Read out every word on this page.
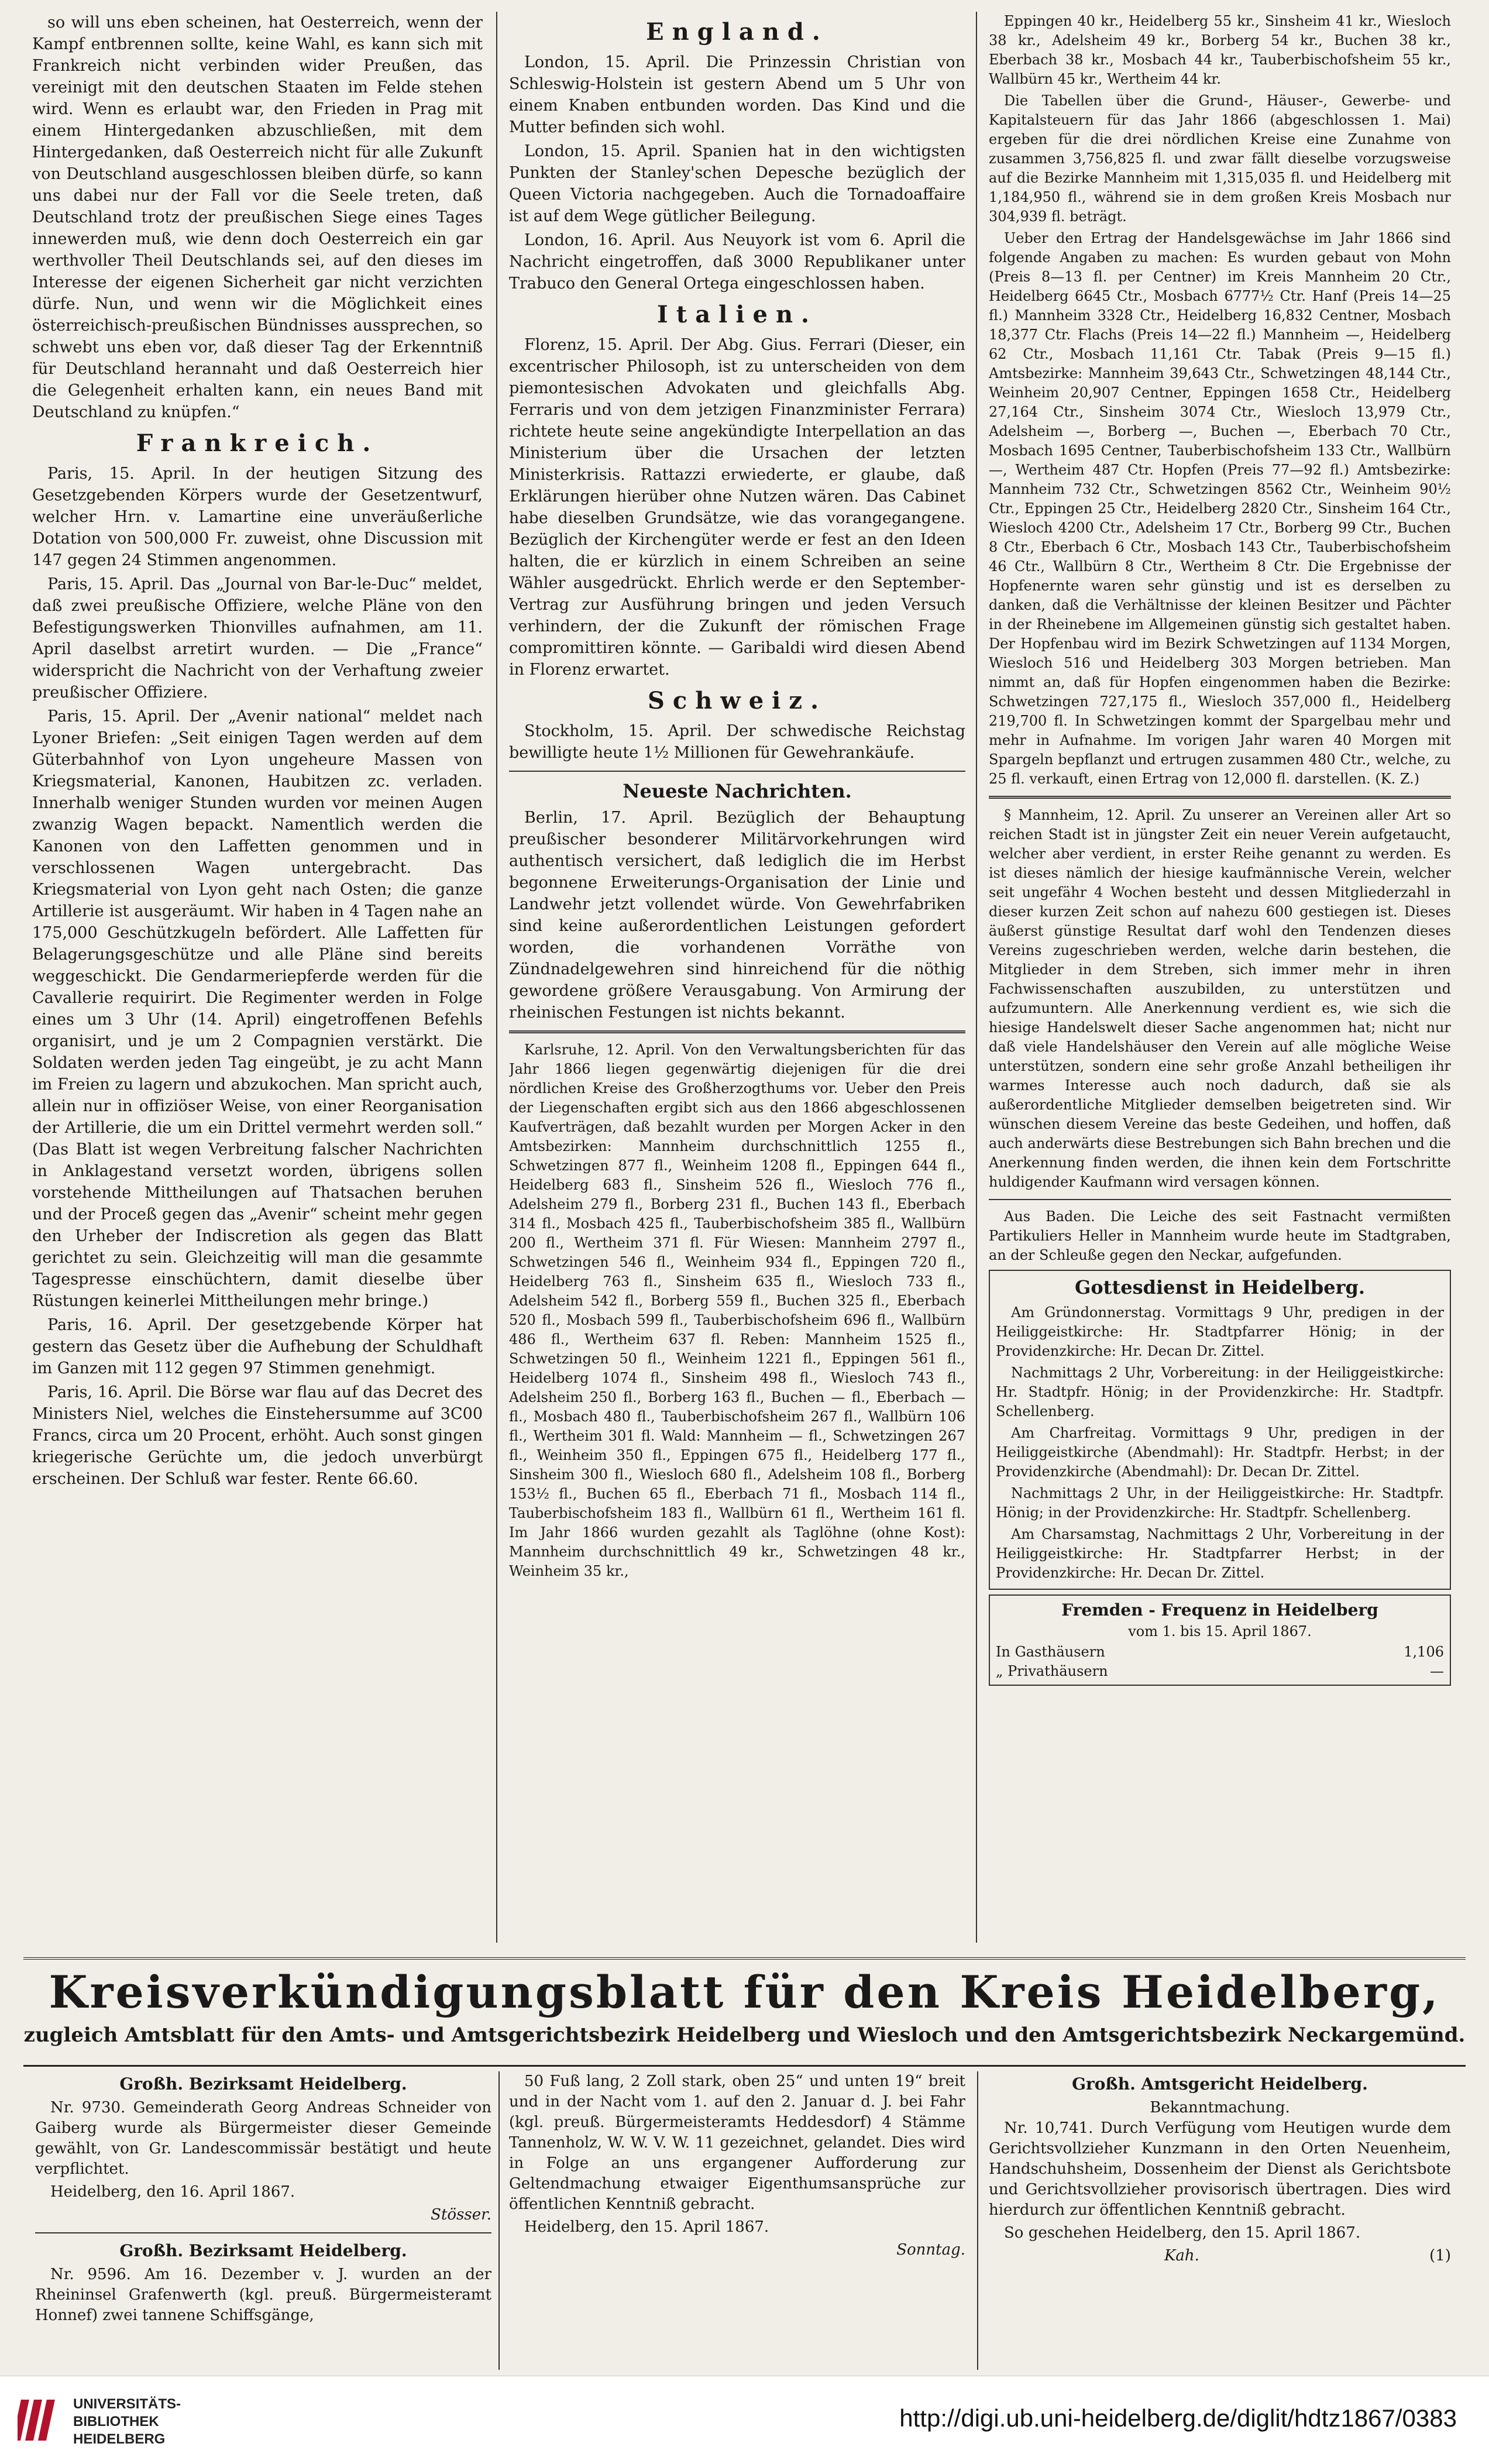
so will uns eben scheinen, hat Oesterreich, wenn der Kampf entbrennen sollte, keine Wahl, es kann sich mit Frankreich nicht verbinden wider Preußen, das vereinigt mit den deutschen Staaten im Felde stehen wird. Wenn es erlaubt war, den Frieden in Prag mit einem Hintergedanken abzuschließen, mit dem Hintergedanken, daß Oesterreich nicht für alle Zukunft von Deutschland ausgeschlossen bleiben dürfe, so kann uns dabei nur der Fall vor die Seele treten, daß Deutschland trotz der preußischen Siege eines Tages innewerden muß, wie denn doch Oesterreich ein gar werthvoller Theil Deutschlands sei, auf den dieses im Interesse der eigenen Sicherheit gar nicht verzichten dürfe. Nun, und wenn wir die Möglichkeit eines österreichisch-preußischen Bündnisses aussprechen, so schwebt uns eben vor, daß dieser Tag der Erkenntniß für Deutschland herannaht und daß Oesterreich hier die Gelegenheit erhalten kann, ein neues Band mit Deutschland zu knüpfen.“

Frankreich.

Paris, 15. April. In der heutigen Sitzung des Gesetzgebenden Körpers wurde der Gesetzentwurf, welcher Hrn. v. Lamartine eine unveräußerliche Dotation von 500,000 Fr. zuweist, ohne Discussion mit 147 gegen 24 Stimmen angenommen.

Paris, 15. April. Das „Journal von Bar-le-Duc“ meldet, daß zwei preußische Offiziere, welche Pläne von den Befestigungswerken Thionvilles aufnahmen, am 11. April daselbst arretirt wurden. — Die „France“ widerspricht die Nachricht von der Verhaftung zweier preußischer Offiziere.

Paris, 15. April. Der „Avenir national“ meldet nach Lyoner Briefen: „Seit einigen Tagen werden auf dem Güterbahnhof von Lyon ungeheure Massen von Kriegsmaterial, Kanonen, Haubitzen zc. verladen. Innerhalb weniger Stunden wurden vor meinen Augen zwanzig Wagen bepackt. Namentlich werden die Kanonen von den Laffetten genommen und in verschlossenen Wagen untergebracht. Das Kriegsmaterial von Lyon geht nach Osten; die ganze Artillerie ist ausgeräumt. Wir haben in 4 Tagen nahe an 175,000 Geschützkugeln befördert. Alle Laffetten für Belagerungsgeschütze und alle Pläne sind bereits weggeschickt. Die Gendarmeriepferde werden für die Cavallerie requirirt. Die Regimenter werden in Folge eines um 3 Uhr (14. April) eingetroffenen Befehls organisirt, und je um 2 Compagnien verstärkt. Die Soldaten werden jeden Tag eingeübt, je zu acht Mann im Freien zu lagern und abzukochen. Man spricht auch, allein nur in offiziöser Weise, von einer Reorganisation der Artillerie, die um ein Drittel vermehrt werden soll.“ (Das Blatt ist wegen Verbreitung falscher Nachrichten in Anklagestand versetzt worden, übrigens sollen vorstehende Mittheilungen auf Thatsachen beruhen und der Proceß gegen das „Avenir“ scheint mehr gegen den Urheber der Indiscretion als gegen das Blatt gerichtet zu sein. Gleichzeitig will man die gesammte Tagespresse einschüchtern, damit dieselbe über Rüstungen keinerlei Mittheilungen mehr bringe.)

Paris, 16. April. Der gesetzgebende Körper hat gestern das Gesetz über die Aufhebung der Schuldhaft im Ganzen mit 112 gegen 97 Stimmen genehmigt.

Paris, 16. April. Die Börse war flau auf das Decret des Ministers Niel, welches die Einstehersumme auf 3C00 Francs, circa um 20 Procent, erhöht. Auch sonst gingen kriegerische Gerüchte um, die jedoch unverbürgt erscheinen. Der Schluß war fester. Rente 66.60.

England.

London, 15. April. Die Prinzessin Christian von Schleswig-Holstein ist gestern Abend um 5 Uhr von einem Knaben entbunden worden. Das Kind und die Mutter befinden sich wohl.

London, 15. April. Spanien hat in den wichtigsten Punkten der Stanley'schen Depesche bezüglich der Queen Victoria nachgegeben. Auch die Tornadoaffaire ist auf dem Wege gütlicher Beilegung.

London, 16. April. Aus Neuyork ist vom 6. April die Nachricht eingetroffen, daß 3000 Republikaner unter Trabuco den General Ortega eingeschlossen haben.

Italien.

Florenz, 15. April. Der Abg. Gius. Ferrari (Dieser, ein excentrischer Philosoph, ist zu unterscheiden von dem piemontesischen Advokaten und gleichfalls Abg. Ferraris und von dem jetzigen Finanzminister Ferrara) richtete heute seine angekündigte Interpellation an das Ministerium über die Ursachen der letzten Ministerkrisis. Rattazzi erwiederte, er glaube, daß Erklärungen hierüber ohne Nutzen wären. Das Cabinet habe dieselben Grundsätze, wie das vorangegangene. Bezüglich der Kirchengüter werde er fest an den Ideen halten, die er kürzlich in einem Schreiben an seine Wähler ausgedrückt. Ehrlich werde er den September-Vertrag zur Ausführung bringen und jeden Versuch verhindern, der die Zukunft der römischen Frage compromittiren könnte. — Garibaldi wird diesen Abend in Florenz erwartet.

Schweiz.

Stockholm, 15. April. Der schwedische Reichstag bewilligte heute 1½ Millionen für Gewehrankäufe.

Neueste Nachrichten.

Berlin, 17. April. Bezüglich der Behauptung preußischer besonderer Militärvorkehrungen wird authentisch versichert, daß lediglich die im Herbst begonnene Erweiterungs-Organisation der Linie und Landwehr jetzt vollendet würde. Von Gewehrfabriken sind keine außerordentlichen Leistungen gefordert worden, die vorhandenen Vorräthe von Zündnadelgewehren sind hinreichend für die nöthig gewordene größere Verausgabung. Von Armirung der rheinischen Festungen ist nichts bekannt.

Karlsruhe, 12. April. Von den Verwaltungsberichten für das Jahr 1866 liegen gegenwärtig diejenigen für die drei nördlichen Kreise des Großherzogthums vor. Ueber den Preis der Liegenschaften ergibt sich aus den 1866 abgeschlossenen Kaufverträgen, daß bezahlt wurden per Morgen Acker in den Amtsbezirken: Mannheim durchschnittlich 1255 fl., Schwetzingen 877 fl., Weinheim 1208 fl., Eppingen 644 fl., Heidelberg 683 fl., Sinsheim 526 fl., Wiesloch 776 fl., Adelsheim 279 fl., Borberg 231 fl., Buchen 143 fl., Eberbach 314 fl., Mosbach 425 fl., Tauberbischofsheim 385 fl., Wallbürn 200 fl., Wertheim 371 fl. Für Wiesen: Mannheim 2797 fl., Schwetzingen 546 fl., Weinheim 934 fl., Eppingen 720 fl., Heidelberg 763 fl., Sinsheim 635 fl., Wiesloch 733 fl., Adelsheim 542 fl., Borberg 559 fl., Buchen 325 fl., Eberbach 520 fl., Mosbach 599 fl., Tauberbischofsheim 696 fl., Wallbürn 486 fl., Wertheim 637 fl. Reben: Mannheim 1525 fl., Schwetzingen 50 fl., Weinheim 1221 fl., Eppingen 561 fl., Heidelberg 1074 fl., Sinsheim 498 fl., Wiesloch 743 fl., Adelsheim 250 fl., Borberg 163 fl., Buchen — fl., Eberbach — fl., Mosbach 480 fl., Tauberbischofsheim 267 fl., Wallbürn 106 fl., Wertheim 301 fl. Wald: Mannheim — fl., Schwetzingen 267 fl., Weinheim 350 fl., Eppingen 675 fl., Heidelberg 177 fl., Sinsheim 300 fl., Wiesloch 680 fl., Adelsheim 108 fl., Borberg 153½ fl., Buchen 65 fl., Eberbach 71 fl., Mosbach 114 fl., Tauberbischofsheim 183 fl., Wallbürn 61 fl., Wertheim 161 fl. Im Jahr 1866 wurden gezahlt als Taglöhne (ohne Kost): Mannheim durchschnittlich 49 kr., Schwetzingen 48 kr., Weinheim 35 kr.,

Eppingen 40 kr., Heidelberg 55 kr., Sinsheim 41 kr., Wiesloch 38 kr., Adelsheim 49 kr., Borberg 54 kr., Buchen 38 kr., Eberbach 38 kr., Mosbach 44 kr., Tauberbischofsheim 55 kr., Wallbürn 45 kr., Wertheim 44 kr.

Die Tabellen über die Grund-, Häuser-, Gewerbe- und Kapitalsteuern für das Jahr 1866 (abgeschlossen 1. Mai) ergeben für die drei nördlichen Kreise eine Zunahme von zusammen 3,756,825 fl. und zwar fällt dieselbe vorzugsweise auf die Bezirke Mannheim mit 1,315,035 fl. und Heidelberg mit 1,184,950 fl., während sie in dem großen Kreis Mosbach nur 304,939 fl. beträgt.

Ueber den Ertrag der Handelsgewächse im Jahr 1866 sind folgende Angaben zu machen: Es wurden gebaut von Mohn (Preis 8—13 fl. per Centner) im Kreis Mannheim 20 Ctr., Heidelberg 6645 Ctr., Mosbach 6777½ Ctr. Hanf (Preis 14—25 fl.) Mannheim 3328 Ctr., Heidelberg 16,832 Centner, Mosbach 18,377 Ctr. Flachs (Preis 14—22 fl.) Mannheim —, Heidelberg 62 Ctr., Mosbach 11,161 Ctr. Tabak (Preis 9—15 fl.) Amtsbezirke: Mannheim 39,643 Ctr., Schwetzingen 48,144 Ctr., Weinheim 20,907 Centner, Eppingen 1658 Ctr., Heidelberg 27,164 Ctr., Sinsheim 3074 Ctr., Wiesloch 13,979 Ctr., Adelsheim —, Borberg —, Buchen —, Eberbach 70 Ctr., Mosbach 1695 Centner, Tauberbischofsheim 133 Ctr., Wallbürn —, Wertheim 487 Ctr. Hopfen (Preis 77—92 fl.) Amtsbezirke: Mannheim 732 Ctr., Schwetzingen 8562 Ctr., Weinheim 90½ Ctr., Eppingen 25 Ctr., Heidelberg 2820 Ctr., Sinsheim 164 Ctr., Wiesloch 4200 Ctr., Adelsheim 17 Ctr., Borberg 99 Ctr., Buchen 8 Ctr., Eberbach 6 Ctr., Mosbach 143 Ctr., Tauberbischofsheim 46 Ctr., Wallbürn 8 Ctr., Wertheim 8 Ctr. Die Ergebnisse der Hopfenernte waren sehr günstig und ist es derselben zu danken, daß die Verhältnisse der kleinen Besitzer und Pächter in der Rheinebene im Allgemeinen günstig sich gestaltet haben. Der Hopfenbau wird im Bezirk Schwetzingen auf 1134 Morgen, Wiesloch 516 und Heidelberg 303 Morgen betrieben. Man nimmt an, daß für Hopfen eingenommen haben die Bezirke: Schwetzingen 727,175 fl., Wiesloch 357,000 fl., Heidelberg 219,700 fl. In Schwetzingen kommt der Spargelbau mehr und mehr in Aufnahme. Im vorigen Jahr waren 40 Morgen mit Spargeln bepflanzt und ertrugen zusammen 480 Ctr., welche, zu 25 fl. verkauft, einen Ertrag von 12,000 fl. darstellen. (K. Z.)

§ Mannheim, 12. April. Zu unserer an Vereinen aller Art so reichen Stadt ist in jüngster Zeit ein neuer Verein aufgetaucht, welcher aber verdient, in erster Reihe genannt zu werden. Es ist dieses nämlich der hiesige kaufmännische Verein, welcher seit ungefähr 4 Wochen besteht und dessen Mitgliederzahl in dieser kurzen Zeit schon auf nahezu 600 gestiegen ist. Dieses äußerst günstige Resultat darf wohl den Tendenzen dieses Vereins zugeschrieben werden, welche darin bestehen, die Mitglieder in dem Streben, sich immer mehr in ihren Fachwissenschaften auszubilden, zu unterstützen und aufzumuntern. Alle Anerkennung verdient es, wie sich die hiesige Handelswelt dieser Sache angenommen hat; nicht nur daß viele Handelshäuser den Verein auf alle mögliche Weise unterstützen, sondern eine sehr große Anzahl betheiligen ihr warmes Interesse auch noch dadurch, daß sie als außerordentliche Mitglieder demselben beigetreten sind. Wir wünschen diesem Vereine das beste Gedeihen, und hoffen, daß auch anderwärts diese Bestrebungen sich Bahn brechen und die Anerkennung finden werden, die ihnen kein dem Fortschritte huldigender Kaufmann wird versagen können.

Aus Baden. Die Leiche des seit Fastnacht vermißten Partikuliers Heller in Mannheim wurde heute im Stadtgraben, an der Schleuße gegen den Neckar, aufgefunden.

Gottesdienst in Heidelberg.

Am Gründonnerstag. Vormittags 9 Uhr, predigen in der Heiliggeistkirche: Hr. Stadtpfarrer Hönig; in der Providenzkirche: Hr. Decan Dr. Zittel.

Nachmittags 2 Uhr, Vorbereitung: in der Heiliggeistkirche: Hr. Stadtpfr. Hönig; in der Providenzkirche: Hr. Stadtpfr. Schellenberg.

Am Charfreitag. Vormittags 9 Uhr, predigen in der Heiliggeistkirche (Abendmahl): Hr. Stadtpfr. Herbst; in der Providenzkirche (Abendmahl): Dr. Decan Dr. Zittel.

Nachmittags 2 Uhr, in der Heiliggeistkirche: Hr. Stadtpfr. Hönig; in der Providenzkirche: Hr. Stadtpfr. Schellenberg.

Am Charsamstag, Nachmittags 2 Uhr, Vorbereitung in der Heiliggeistkirche: Hr. Stadtpfarrer Herbst; in der Providenzkirche: Hr. Decan Dr. Zittel.

Fremden - Frequenz in Heidelberg
vom 1. bis 15. April 1867.
In Gasthäusern	1,106
„ Privathäusern	—
Kreisverkündigungsblatt für den Kreis Heidelberg,
zugleich Amtsblatt für den Amts- und Amtsgerichtsbezirk Heidelberg und Wiesloch und den Amtsgerichtsbezirk Neckargemünd.
Großh. Bezirksamt Heidelberg.

Nr. 9730. Gemeinderath Georg Andreas Schneider von Gaiberg wurde als Bürgermeister dieser Gemeinde gewählt, von Gr. Landescommissär bestätigt und heute verpflichtet.

Heidelberg, den 16. April 1867.

Stösser.
Großh. Bezirksamt Heidelberg.

Nr. 9596. Am 16. Dezember v. J. wurden an der Rheininsel Grafenwerth (kgl. preuß. Bürgermeisteramt Honnef) zwei tannene Schiffsgänge,

50 Fuß lang, 2 Zoll stark, oben 25“ und unten 19“ breit und in der Nacht vom 1. auf den 2. Januar d. J. bei Fahr (kgl. preuß. Bürgermeisteramts Heddesdorf) 4 Stämme Tannenholz, W. W. V. W. 11 gezeichnet, gelandet. Dies wird in Folge an uns ergangener Aufforderung zur Geltendmachung etwaiger Eigenthumsansprüche zur öffentlichen Kenntniß gebracht.

Heidelberg, den 15. April 1867.

Sonntag.
Großh. Amtsgericht Heidelberg.
Bekanntmachung.

Nr. 10,741. Durch Verfügung vom Heutigen wurde dem Gerichtsvollzieher Kunzmann in den Orten Neuenheim, Handschuhsheim, Dossenheim der Dienst als Gerichtsbote und Gerichtsvollzieher provisorisch übertragen. Dies wird hierdurch zur öffentlichen Kenntniß gebracht.

So geschehen Heidelberg, den 15. April 1867.

Kah.	(1)
UNIVERSITÄTS-
BIBLIOTHEK
HEIDELBERG
http://digi.ub.uni-heidelberg.de/diglit/hdtz1867/0383
